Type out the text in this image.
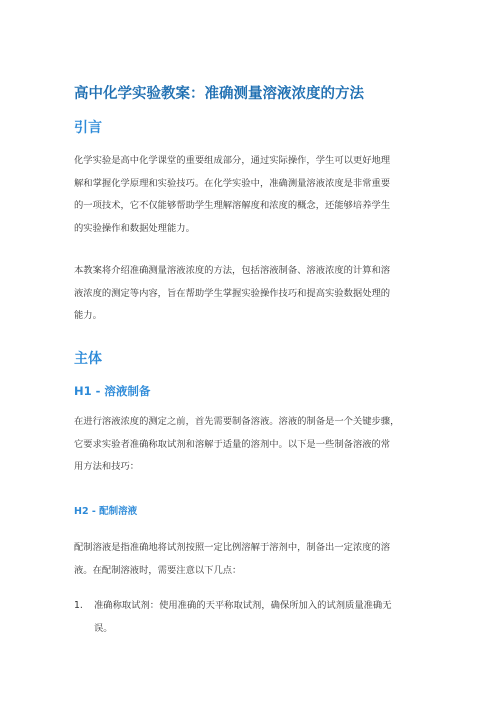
高中化学实验教案：准确测量溶液浓度的方法
引言
化学实验是高中化学课堂的重要组成部分，通过实际操作，学生可以更好地理
解和掌握化学原理和实验技巧。在化学实验中，准确测量溶液浓度是非常重要
的一项技术，它不仅能够帮助学生理解溶解度和浓度的概念，还能够培养学生
的实验操作和数据处理能力。
本教案将介绍准确测量溶液浓度的方法，包括溶液制备、溶液浓度的计算和溶
液浓度的测定等内容，旨在帮助学生掌握实验操作技巧和提高实验数据处理的
能力。
主体
H1 - 溶液制备
在进行溶液浓度的测定之前，首先需要制备溶液。溶液的制备是一个关键步骤，
它要求实验者准确称取试剂和溶解于适量的溶剂中。以下是一些制备溶液的常
用方法和技巧：
H2 - 配制溶液
配制溶液是指准确地将试剂按照一定比例溶解于溶剂中，制备出一定浓度的溶
液。在配制溶液时，需要注意以下几点：
1. 准确称取试剂：使用准确的天平称取试剂，确保所加入的试剂质量准确无
误。
